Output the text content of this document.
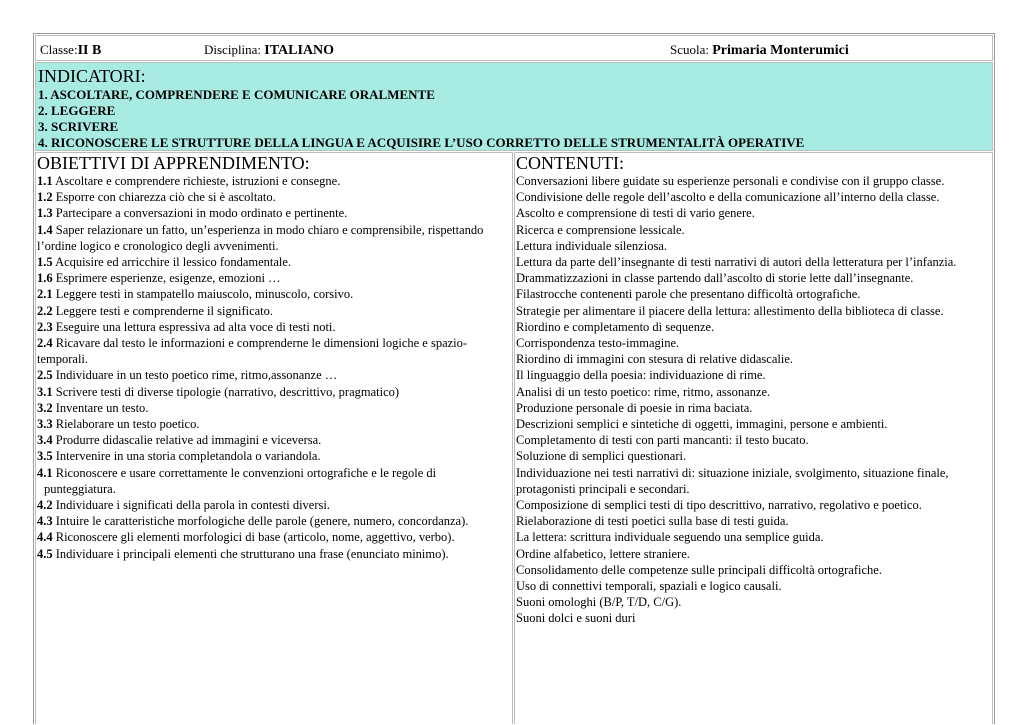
Classe:II B	Disciplina: ITALIANO	Scuola: Primaria Monterumici
INDICATORI:
1. ASCOLTARE, COMPRENDERE E COMUNICARE ORALMENTE
2. LEGGERE
3. SCRIVERE
4. RICONOSCERE LE STRUTTURE DELLA LINGUA E ACQUISIRE L’USO CORRETTO DELLE STRUMENTALITÀ OPERATIVE
OBIETTIVI DI APPRENDIMENTO:
1.1 Ascoltare e comprendere richieste, istruzioni e consegne.
1.2 Esporre con chiarezza ciò che si è ascoltato.
1.3 Partecipare a conversazioni in modo ordinato e pertinente.
1.4 Saper relazionare un fatto, un’esperienza in modo chiaro e comprensibile, rispettando l’ordine logico e cronologico degli avvenimenti.
1.5 Acquisire ed arricchire il lessico fondamentale.
1.6 Esprimere esperienze, esigenze, emozioni …
2.1 Leggere testi in stampatello maiuscolo, minuscolo, corsivo.
2.2 Leggere testi e comprenderne il significato.
2.3 Eseguire una lettura espressiva ad alta voce di testi noti.
2.4 Ricavare dal testo le informazioni e comprenderne le dimensioni logiche e spazio-temporali.
2.5 Individuare in un testo poetico rime, ritmo,assonanze …
3.1 Scrivere testi di diverse tipologie (narrativo, descrittivo, pragmatico)
3.2 Inventare un testo.
3.3 Rielaborare un testo poetico.
3.4 Produrre didascalie relative ad immagini e viceversa.
3.5 Intervenire in una storia completandola o variandola.
4.1 Riconoscere e usare correttamente le convenzioni ortografiche e le regole di
punteggiatura.
4.2 Individuare i significati della parola in contesti diversi.
4.3 Intuire le caratteristiche morfologiche delle parole (genere, numero, concordanza).
4.4 Riconoscere gli elementi morfologici di base (articolo, nome, aggettivo, verbo).
4.5 Individuare i principali elementi che strutturano una frase (enunciato minimo).
CONTENUTI:
Conversazioni libere guidate su esperienze personali e condivise con il gruppo classe.
Condivisione delle regole dell’ascolto e della comunicazione all’interno della classe.
Ascolto e comprensione di testi di vario genere.
Ricerca e comprensione lessicale.
Lettura individuale silenziosa.
Lettura da parte dell’insegnante di testi narrativi di autori della letteratura per l’infanzia.
Drammatizzazioni in classe partendo dall’ascolto di storie lette dall’insegnante.
Filastrocche contenenti parole che presentano difficoltà ortografiche.
Strategie per alimentare il piacere della lettura: allestimento della biblioteca di classe.
Riordino e completamento di sequenze.
Corrispondenza testo-immagine.
Riordino di immagini con stesura di relative didascalie.
Il linguaggio della poesia: individuazione di rime.
Analisi di un testo poetico: rime, ritmo, assonanze.
Produzione personale di poesie in rima baciata.
Descrizioni semplici e sintetiche di oggetti, immagini, persone e ambienti.
Completamento di testi con parti mancanti: il testo bucato.
Soluzione di semplici questionari.
Individuazione nei testi narrativi di: situazione iniziale, svolgimento, situazione finale, protagonisti principali e secondari.
Composizione di semplici testi di tipo descrittivo, narrativo, regolativo e poetico.
Rielaborazione di testi poetici sulla base di testi guida.
La lettera: scrittura individuale seguendo una semplice guida.
Ordine alfabetico, lettere straniere.
Consolidamento delle competenze sulle principali difficoltà ortografiche.
Uso di connettivi temporali, spaziali e logico causali.
Suoni omologhi (B/P, T/D, C/G).
Suoni dolci e suoni duri
